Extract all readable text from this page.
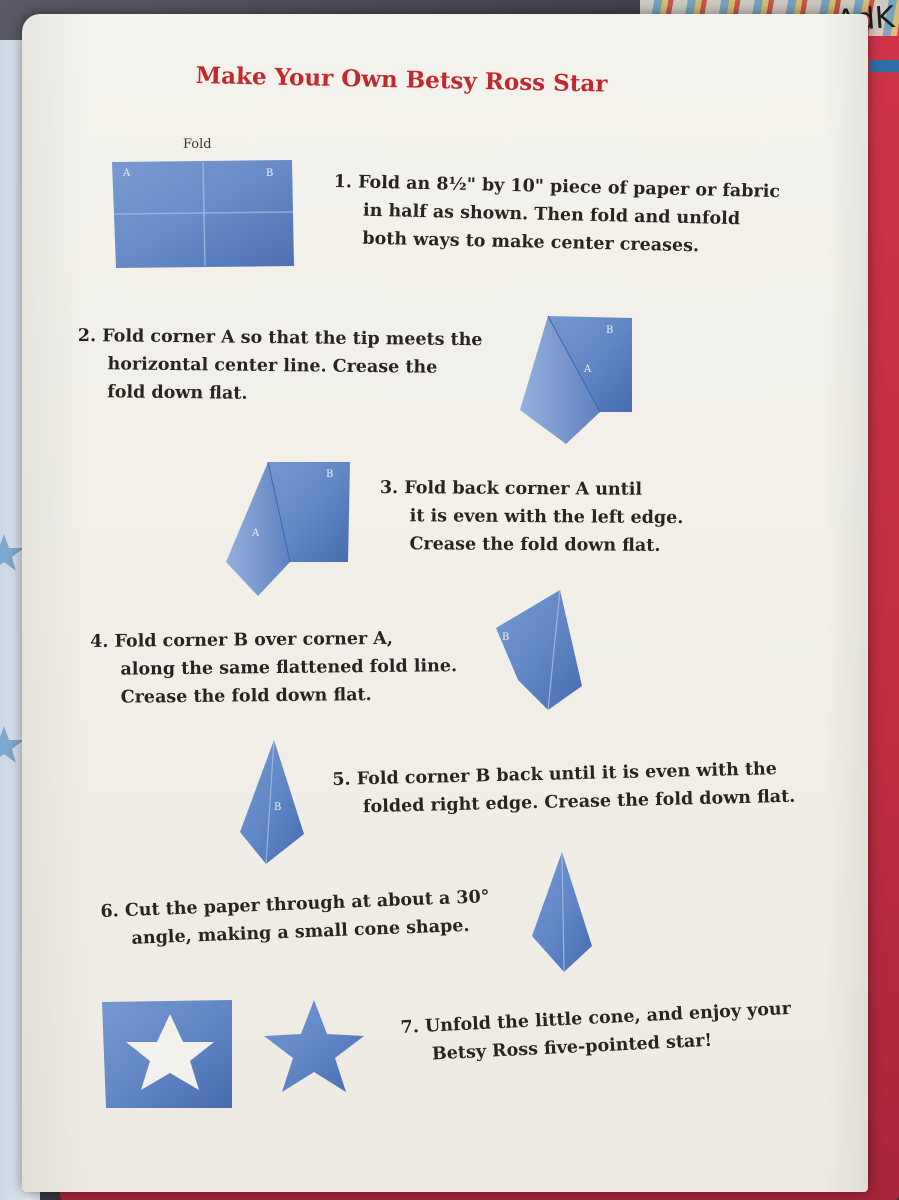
Make Your Own Betsy Ross Star
Fold
A	B
B
A
B
A
B
B
1. Fold an 8½" by 10" piece of paper or fabric
in half as shown. Then fold and unfold
both ways to make center creases.
2. Fold corner A so that the tip meets the
horizontal center line. Crease the
fold down flat.
3. Fold back corner A until
it is even with the left edge.
Crease the fold down flat.
4. Fold corner B over corner A,
along the same flattened fold line.
Crease the fold down flat.
5. Fold corner B back until it is even with the
folded right edge. Crease the fold down flat.
6. Cut the paper through at about a 30°
angle, making a small cone shape.
7. Unfold the little cone, and enjoy your
Betsy Ross five-pointed star!
